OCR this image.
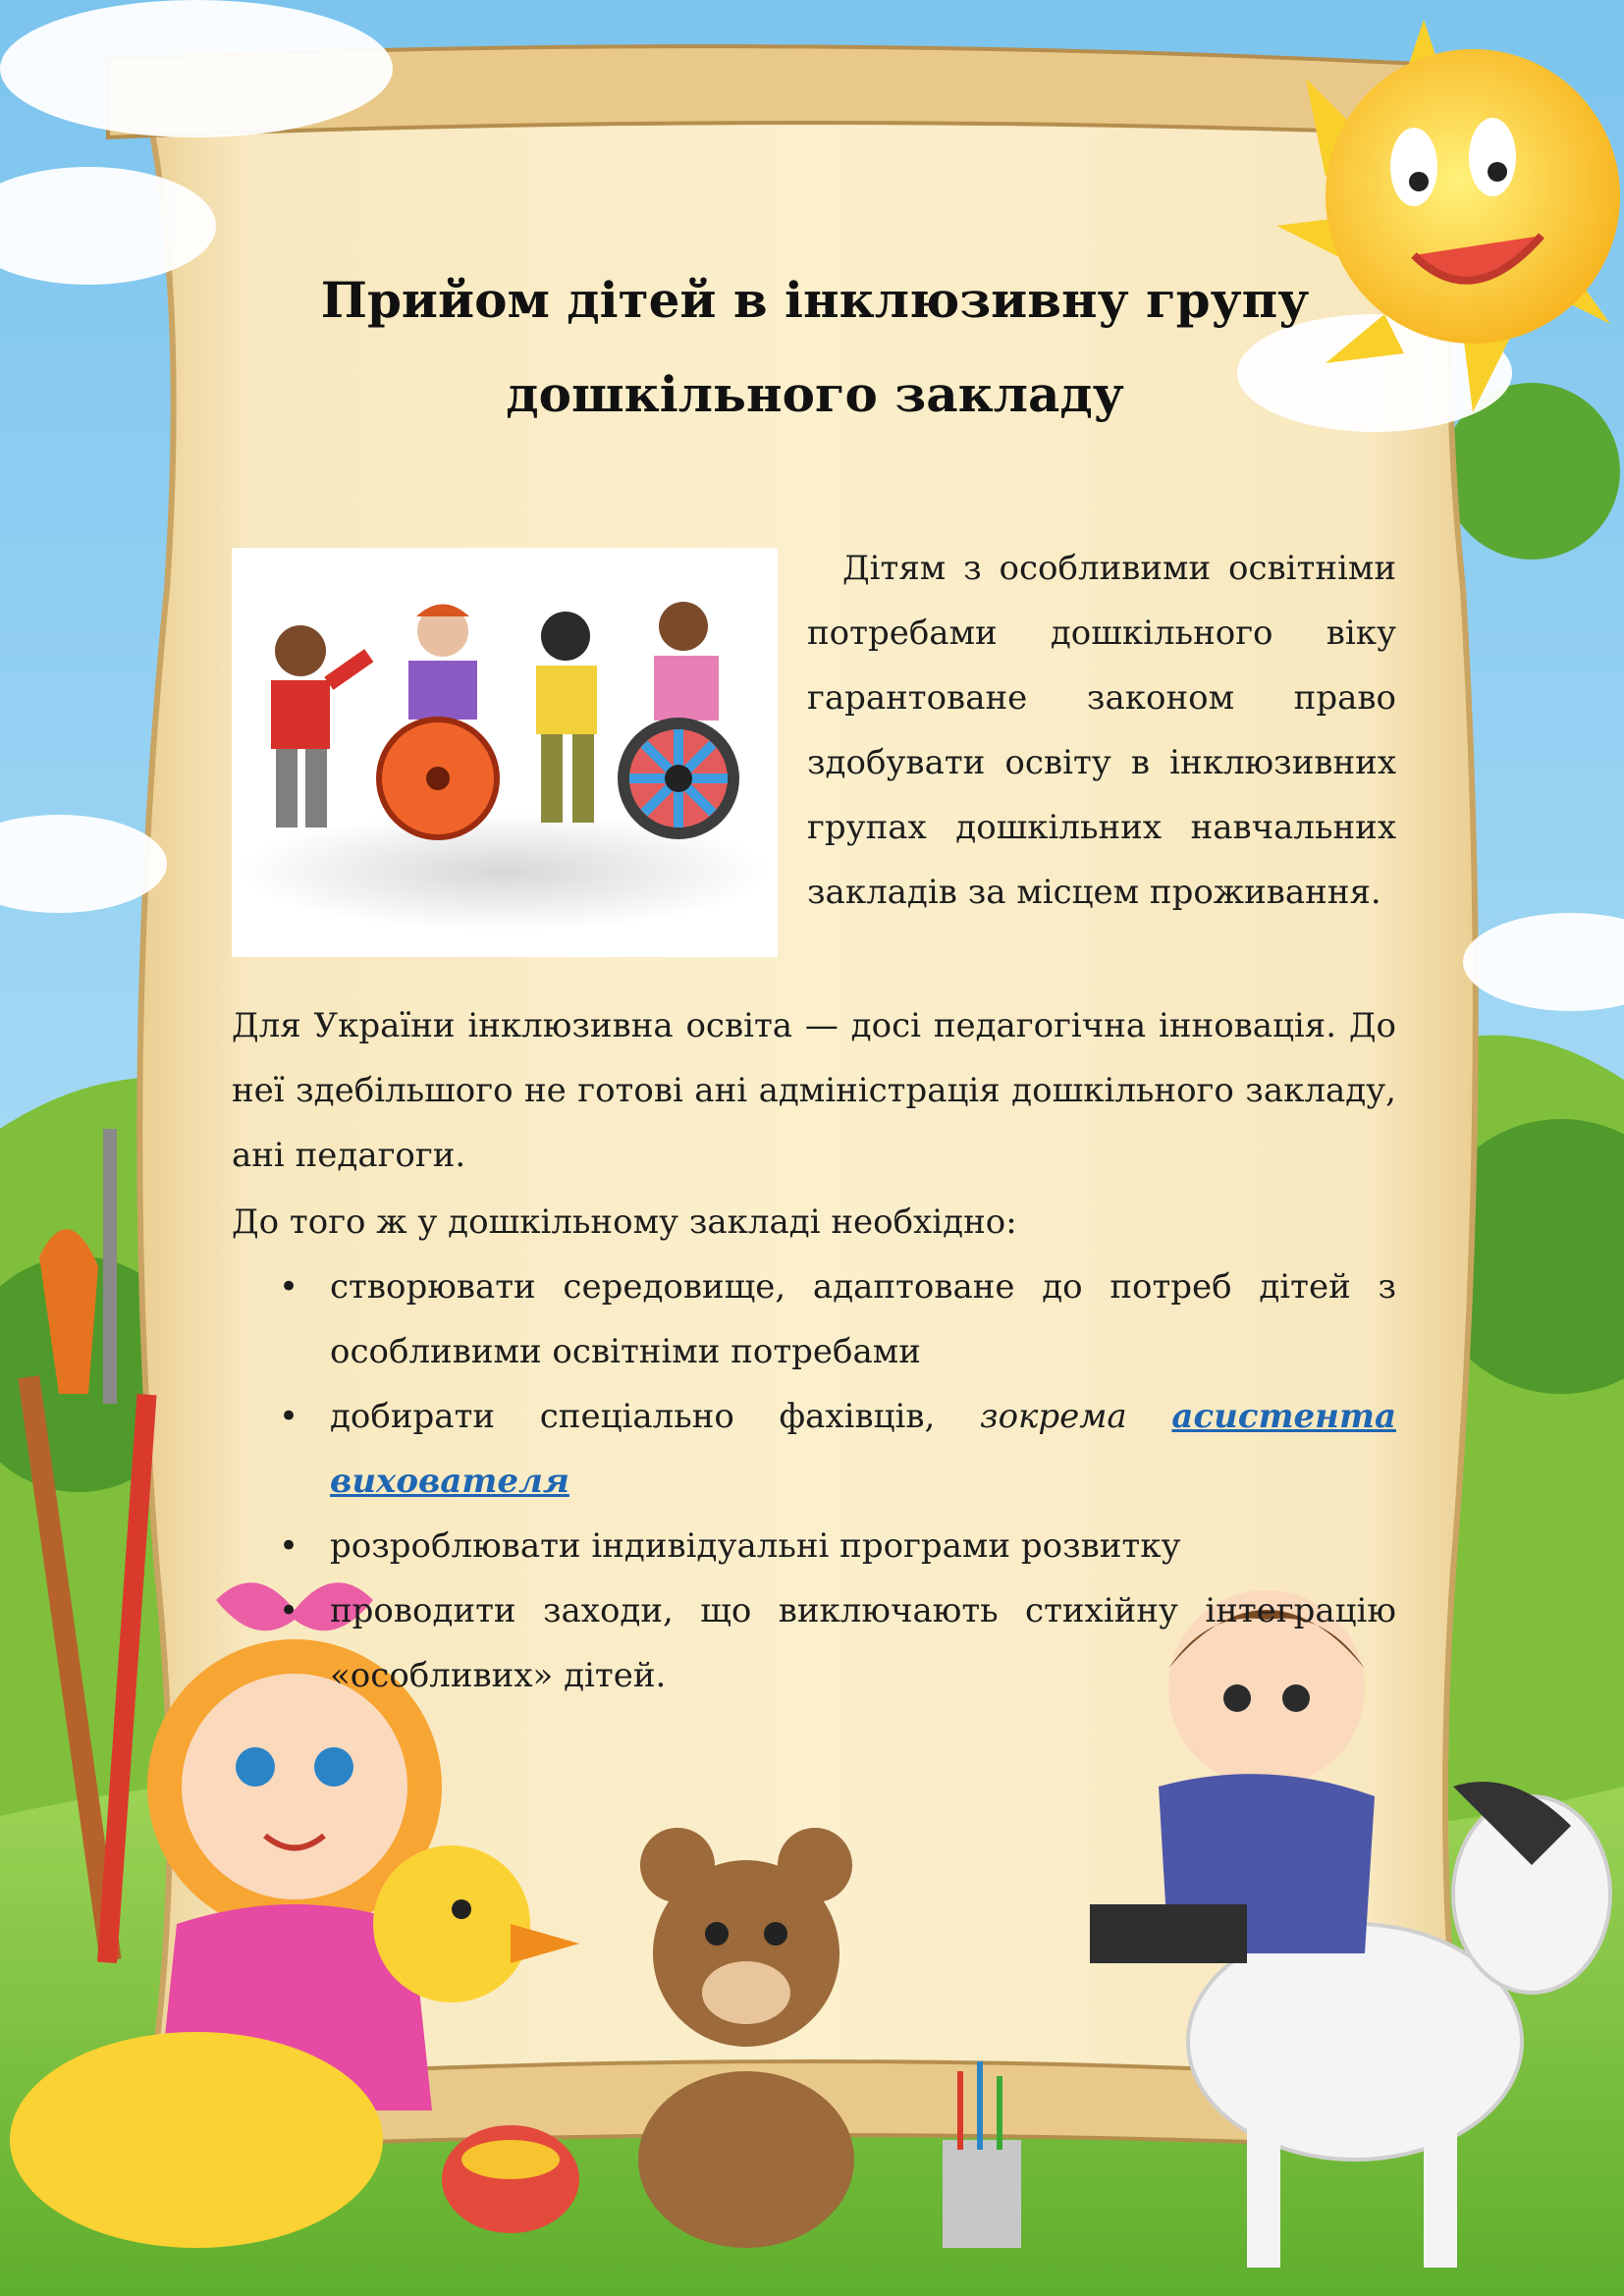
Прийом дітей в інклюзивну групу
дошкільного закладу

Дітям з особливими освітніми потребами дошкільного віку гарантоване законом право здобувати освіту в інклюзивних групах дошкільних навчальних закладів за місцем проживання.

Для України інклюзивна освіта — досі педагогічна інновація. До неї здебільшого не готові ані адміністрація дошкільного закладу, ані педагоги.

До того ж у дошкільному закладі необхідно:

• створювати середовище, адаптоване до потреб дітей з особливими освітніми потребами
• добирати спеціально фахівців, зокрема асистента вихователя
• розроблювати індивідуальні програми розвитку
• проводити заходи, що виключають стихійну інтеграцію «особливих» дітей.
